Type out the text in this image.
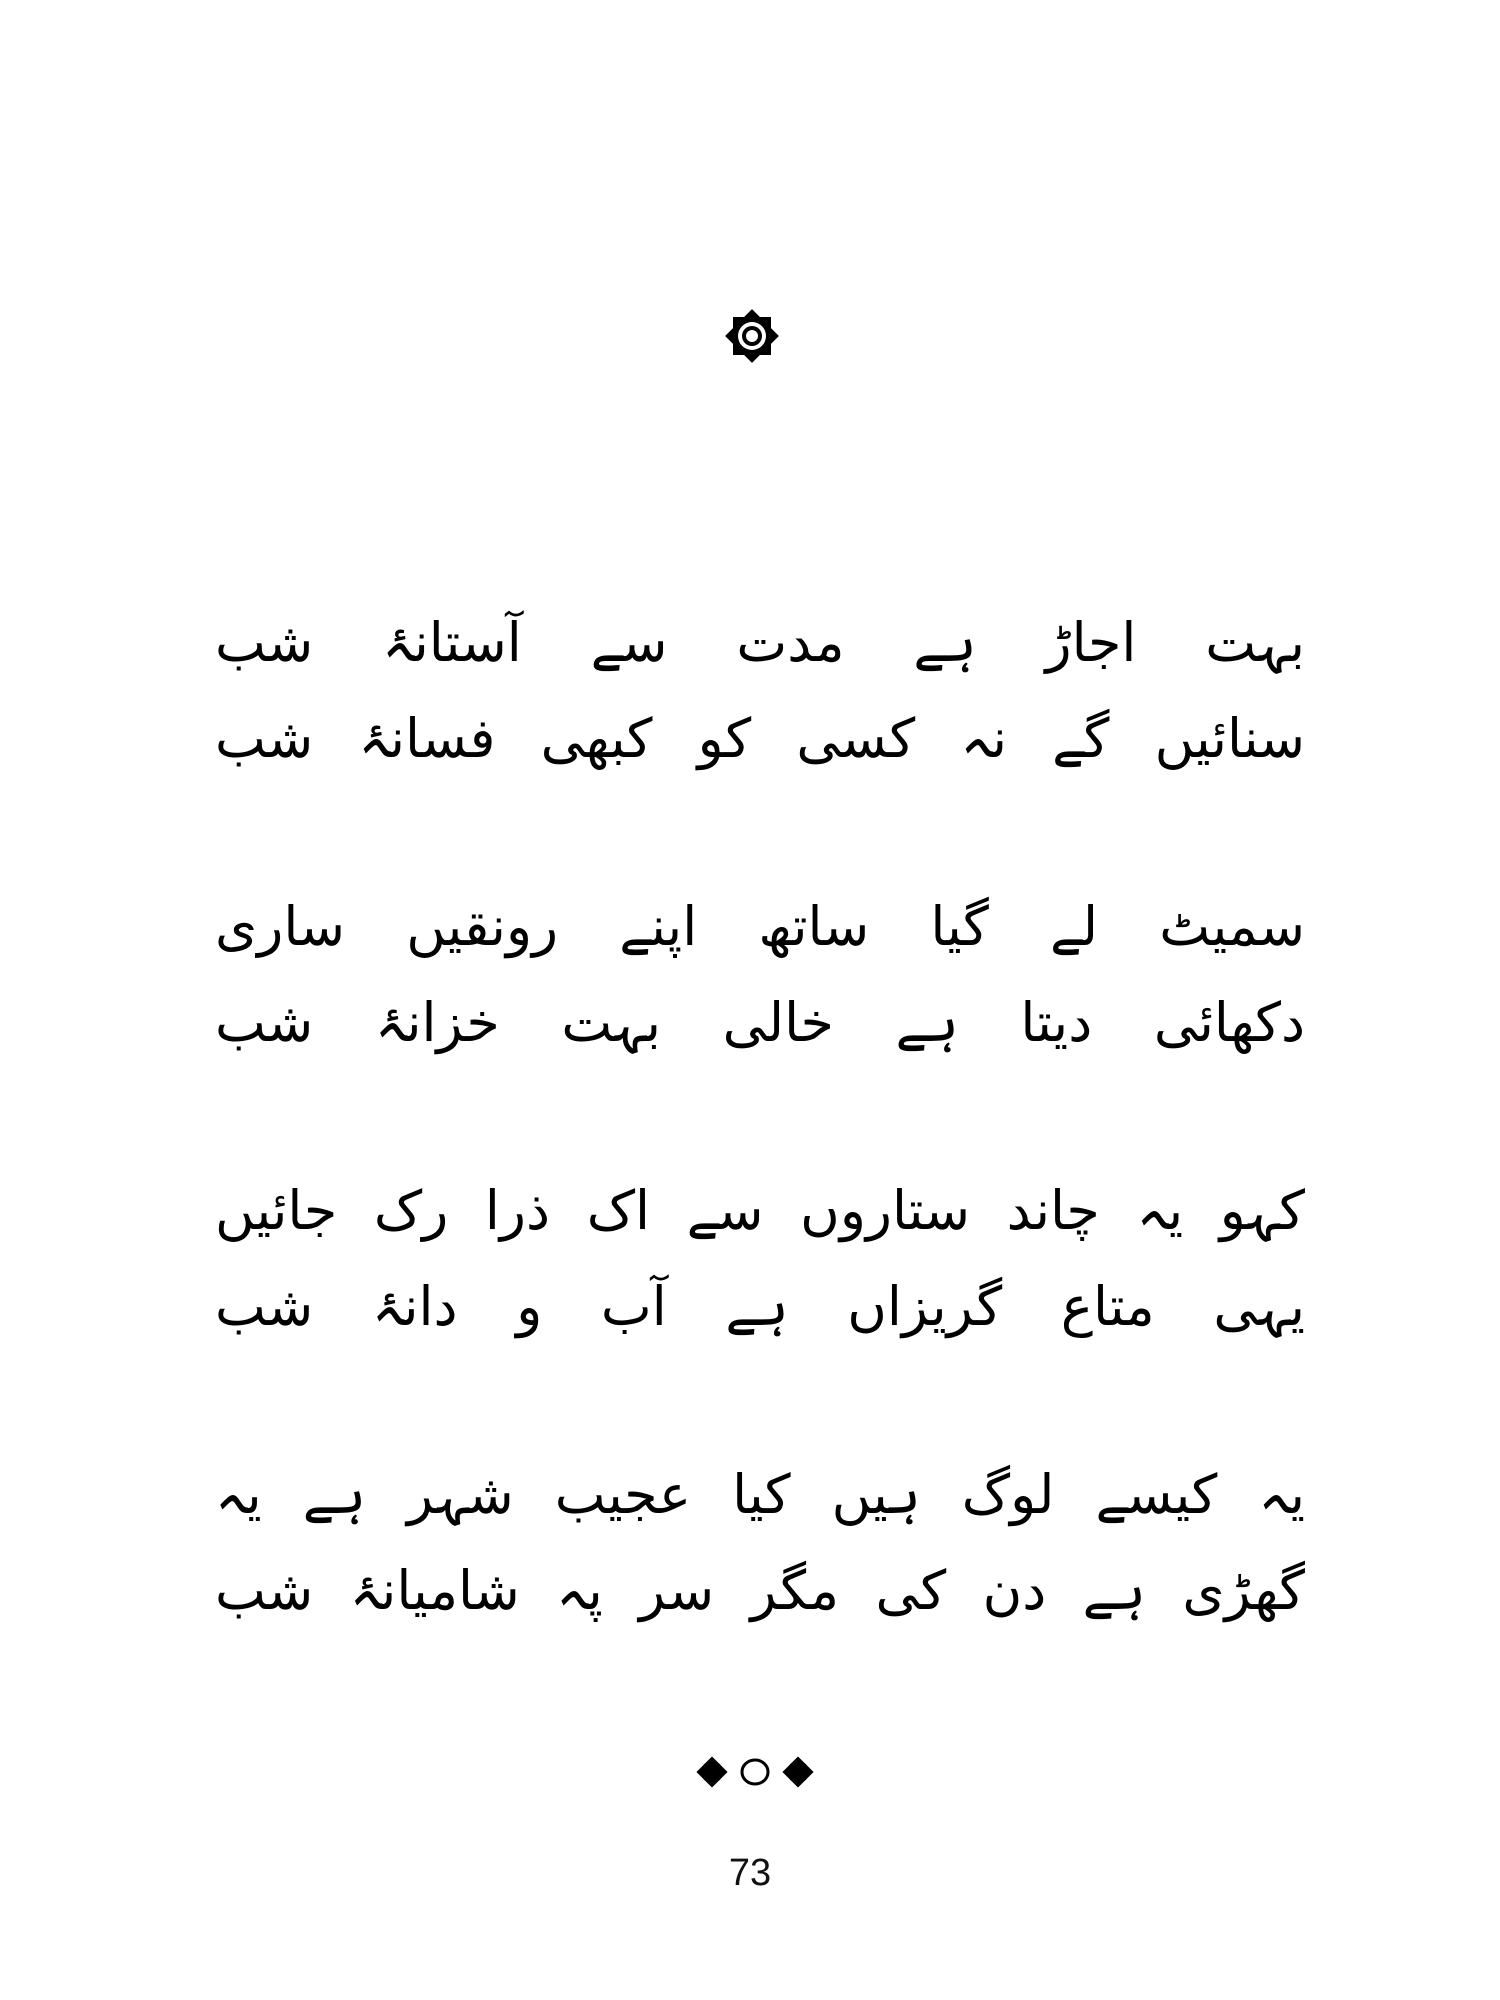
بہت اجاڑ ہے مدت سے آستانۂ شب
سنائیں گے نہ کسی کو کبھی فسانۂ شب
سمیٹ لے گیا ساتھ اپنے رونقیں ساری
دکھائی دیتا ہے خالی بہت خزانۂ شب
کہو یہ چاند ستاروں سے اک ذرا رک جائیں
یہی متاع گریزاں ہے آب و دانۂ شب
یہ کیسے لوگ ہیں کیا عجیب شہر ہے یہ
گھڑی ہے دن کی مگر سر پہ شامیانۂ شب
73
